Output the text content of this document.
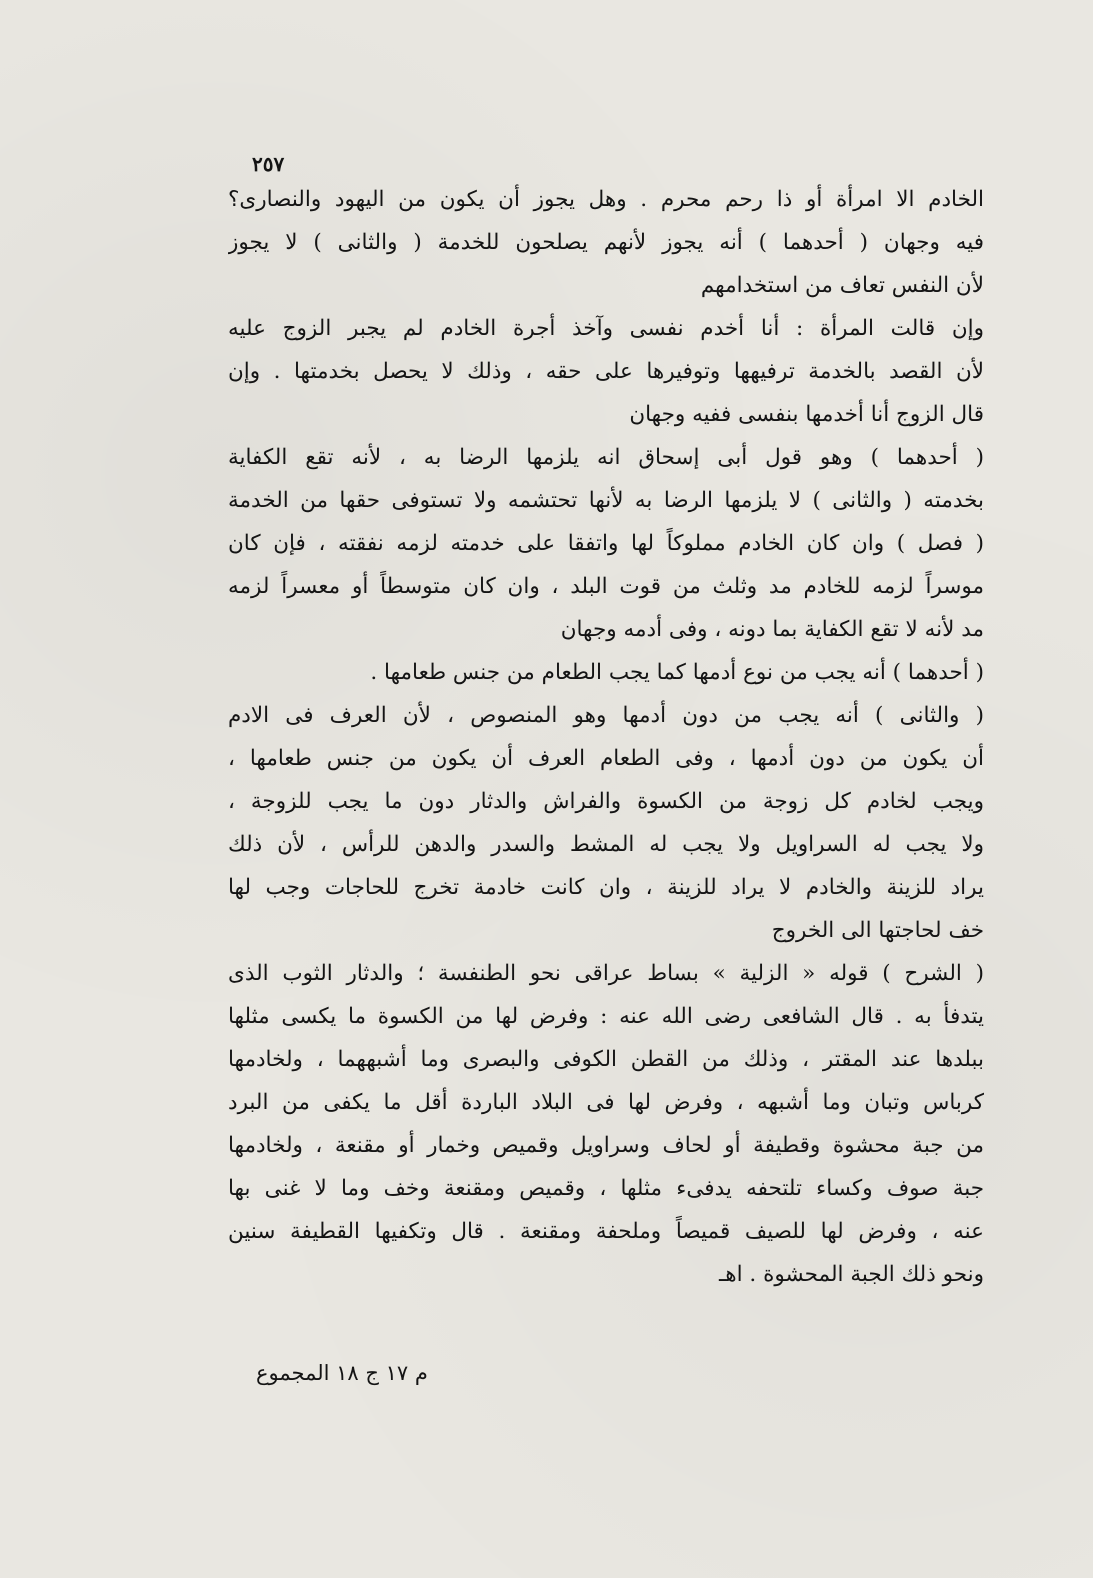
٢٥٧

الخادم الا امرأة أو ذا رحم محرم . وهل يجوز أن يكون من اليهود والنصارى؟
فيه وجهان ( أحدهما ) أنه يجوز لأنهم يصلحون للخدمة ( والثانى ) لا يجوز
لأن النفس تعاف من استخدامهم
وإن قالت المرأة : أنا أخدم نفسى وآخذ أجرة الخادم لم يجبر الزوج عليه
لأن القصد بالخدمة ترفيهها وتوفيرها على حقه ، وذلك لا يحصل بخدمتها . وإن
قال الزوج أنا أخدمها بنفسى ففيه وجهان
( أحدهما ) وهو قول أبى إسحاق انه يلزمها الرضا به ، لأنه تقع الكفاية
بخدمته ( والثانى ) لا يلزمها الرضا به لأنها تحتشمه ولا تستوفى حقها من الخدمة
( فصل ) وان كان الخادم مملوكاً لها واتفقا على خدمته لزمه نفقته ، فإن كان
موسراً لزمه للخادم مد وثلث من قوت البلد ، وان كان متوسطاً أو معسراً لزمه
مد لأنه لا تقع الكفاية بما دونه ، وفى أدمه وجهان
( أحدهما ) أنه يجب من نوع أدمها كما يجب الطعام من جنس طعامها .
( والثانى ) أنه يجب من دون أدمها وهو المنصوص ، لأن العرف فى الادم
أن يكون من دون أدمها ، وفى الطعام العرف أن يكون من جنس طعامها ،
ويجب لخادم كل زوجة من الكسوة والفراش والدثار دون ما يجب للزوجة ،
ولا يجب له السراويل ولا يجب له المشط والسدر والدهن للرأس ، لأن ذلك
يراد للزينة والخادم لا يراد للزينة ، وان كانت خادمة تخرج للحاجات وجب لها
خف لحاجتها الى الخروج
( الشرح ) قوله « الزلية » بساط عراقى نحو الطنفسة ؛ والدثار الثوب الذى
يتدفأ به . قال الشافعى رضى الله عنه : وفرض لها من الكسوة ما يكسى مثلها
ببلدها عند المقتر ، وذلك من القطن الكوفى والبصرى وما أشبههما ، ولخادمها
كرباس وتبان وما أشبهه ، وفرض لها فى البلاد الباردة أقل ما يكفى من البرد
من جبة محشوة وقطيفة أو لحاف وسراويل وقميص وخمار أو مقنعة ، ولخادمها
جبة صوف وكساء تلتحفه يدفىء مثلها ، وقميص ومقنعة وخف وما لا غنى بها
عنه ، وفرض لها للصيف قميصاً وملحفة ومقنعة . قال وتكفيها القطيفة سنين
ونحو ذلك الجبة المحشوة . اهـ

م ١٧ ج ١٨ المجموع
